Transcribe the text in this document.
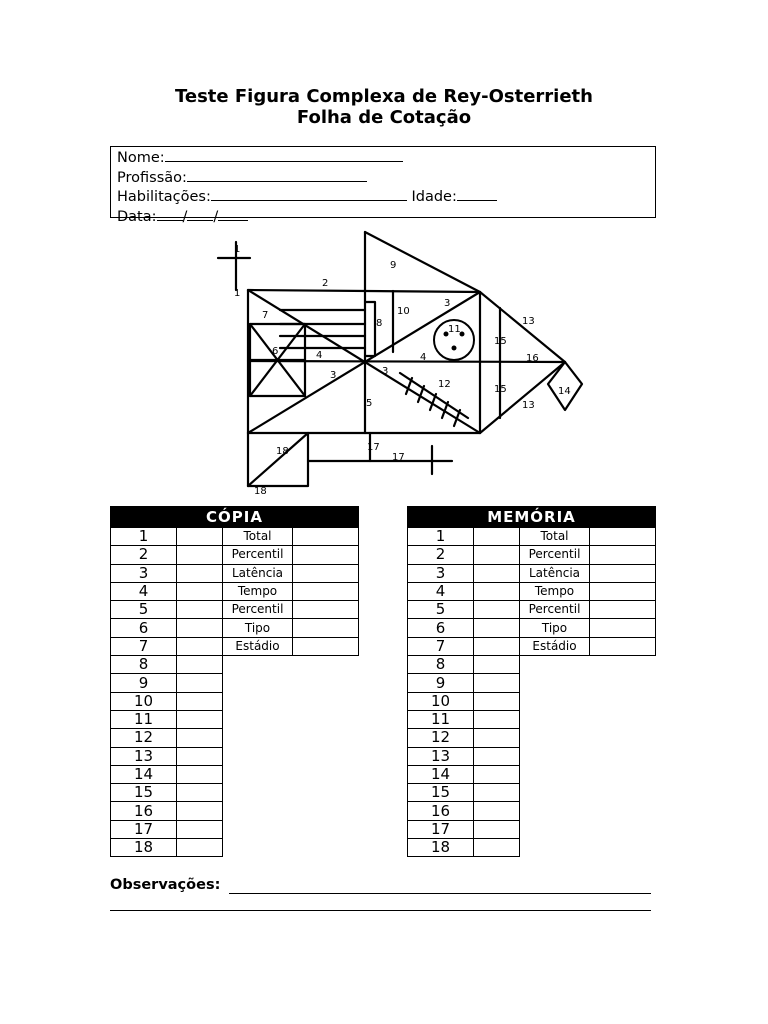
Teste Figura Complexa de Rey-Osterrieth
Folha de Cotação
Nome:
Profissão:
Habilitações:	Idade:
Data: / /
1
1
2
3
3	3
4	4
5
6
7
8
9
10
11
12
13
13
14
15
15
16
17
17
18
18
CÓPIA			
1		Total	
2		Percentil	
3		Latência	
4		Tempo	
5		Percentil	
6		Tipo	
7		Estádio	
8			
9			
10			
11			
12			
13			
14			
15			
16			
17			
18			
MEMÓRIA			
1		Total	
2		Percentil	
3		Latência	
4		Tempo	
5		Percentil	
6		Tipo	
7		Estádio	
8			
9			
10			
11			
12			
13			
14			
15			
16			
17			
18			
Observações:
